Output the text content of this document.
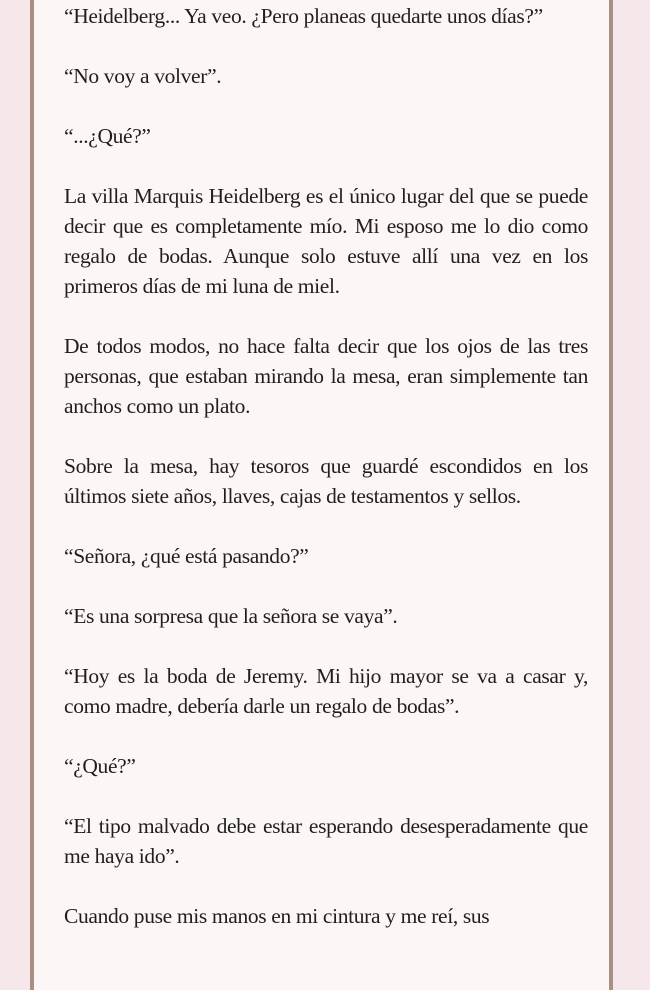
“Heidelberg... Ya veo. ¿Pero planeas quedarte unos días?”

“No voy a volver”.

“...¿Qué?”

La villa Marquis Heidelberg es el único lugar del que se puede decir que es completamente mío. Mi esposo me lo dio como regalo de bodas. Aunque solo estuve allí una vez en los primeros días de mi luna de miel.

De todos modos, no hace falta decir que los ojos de las tres personas, que estaban mirando la mesa, eran simplemente tan anchos como un plato.

Sobre la mesa, hay tesoros que guardé escondidos en los últimos siete años, llaves, cajas de testamentos y sellos.

“Señora, ¿qué está pasando?”

“Es una sorpresa que la señora se vaya”.

“Hoy es la boda de Jeremy. Mi hijo mayor se va a casar y, como madre, debería darle un regalo de bodas”.

“¿Qué?”

“El tipo malvado debe estar esperando desesperadamente que me haya ido”.

Cuando puse mis manos en mi cintura y me reí, sus
